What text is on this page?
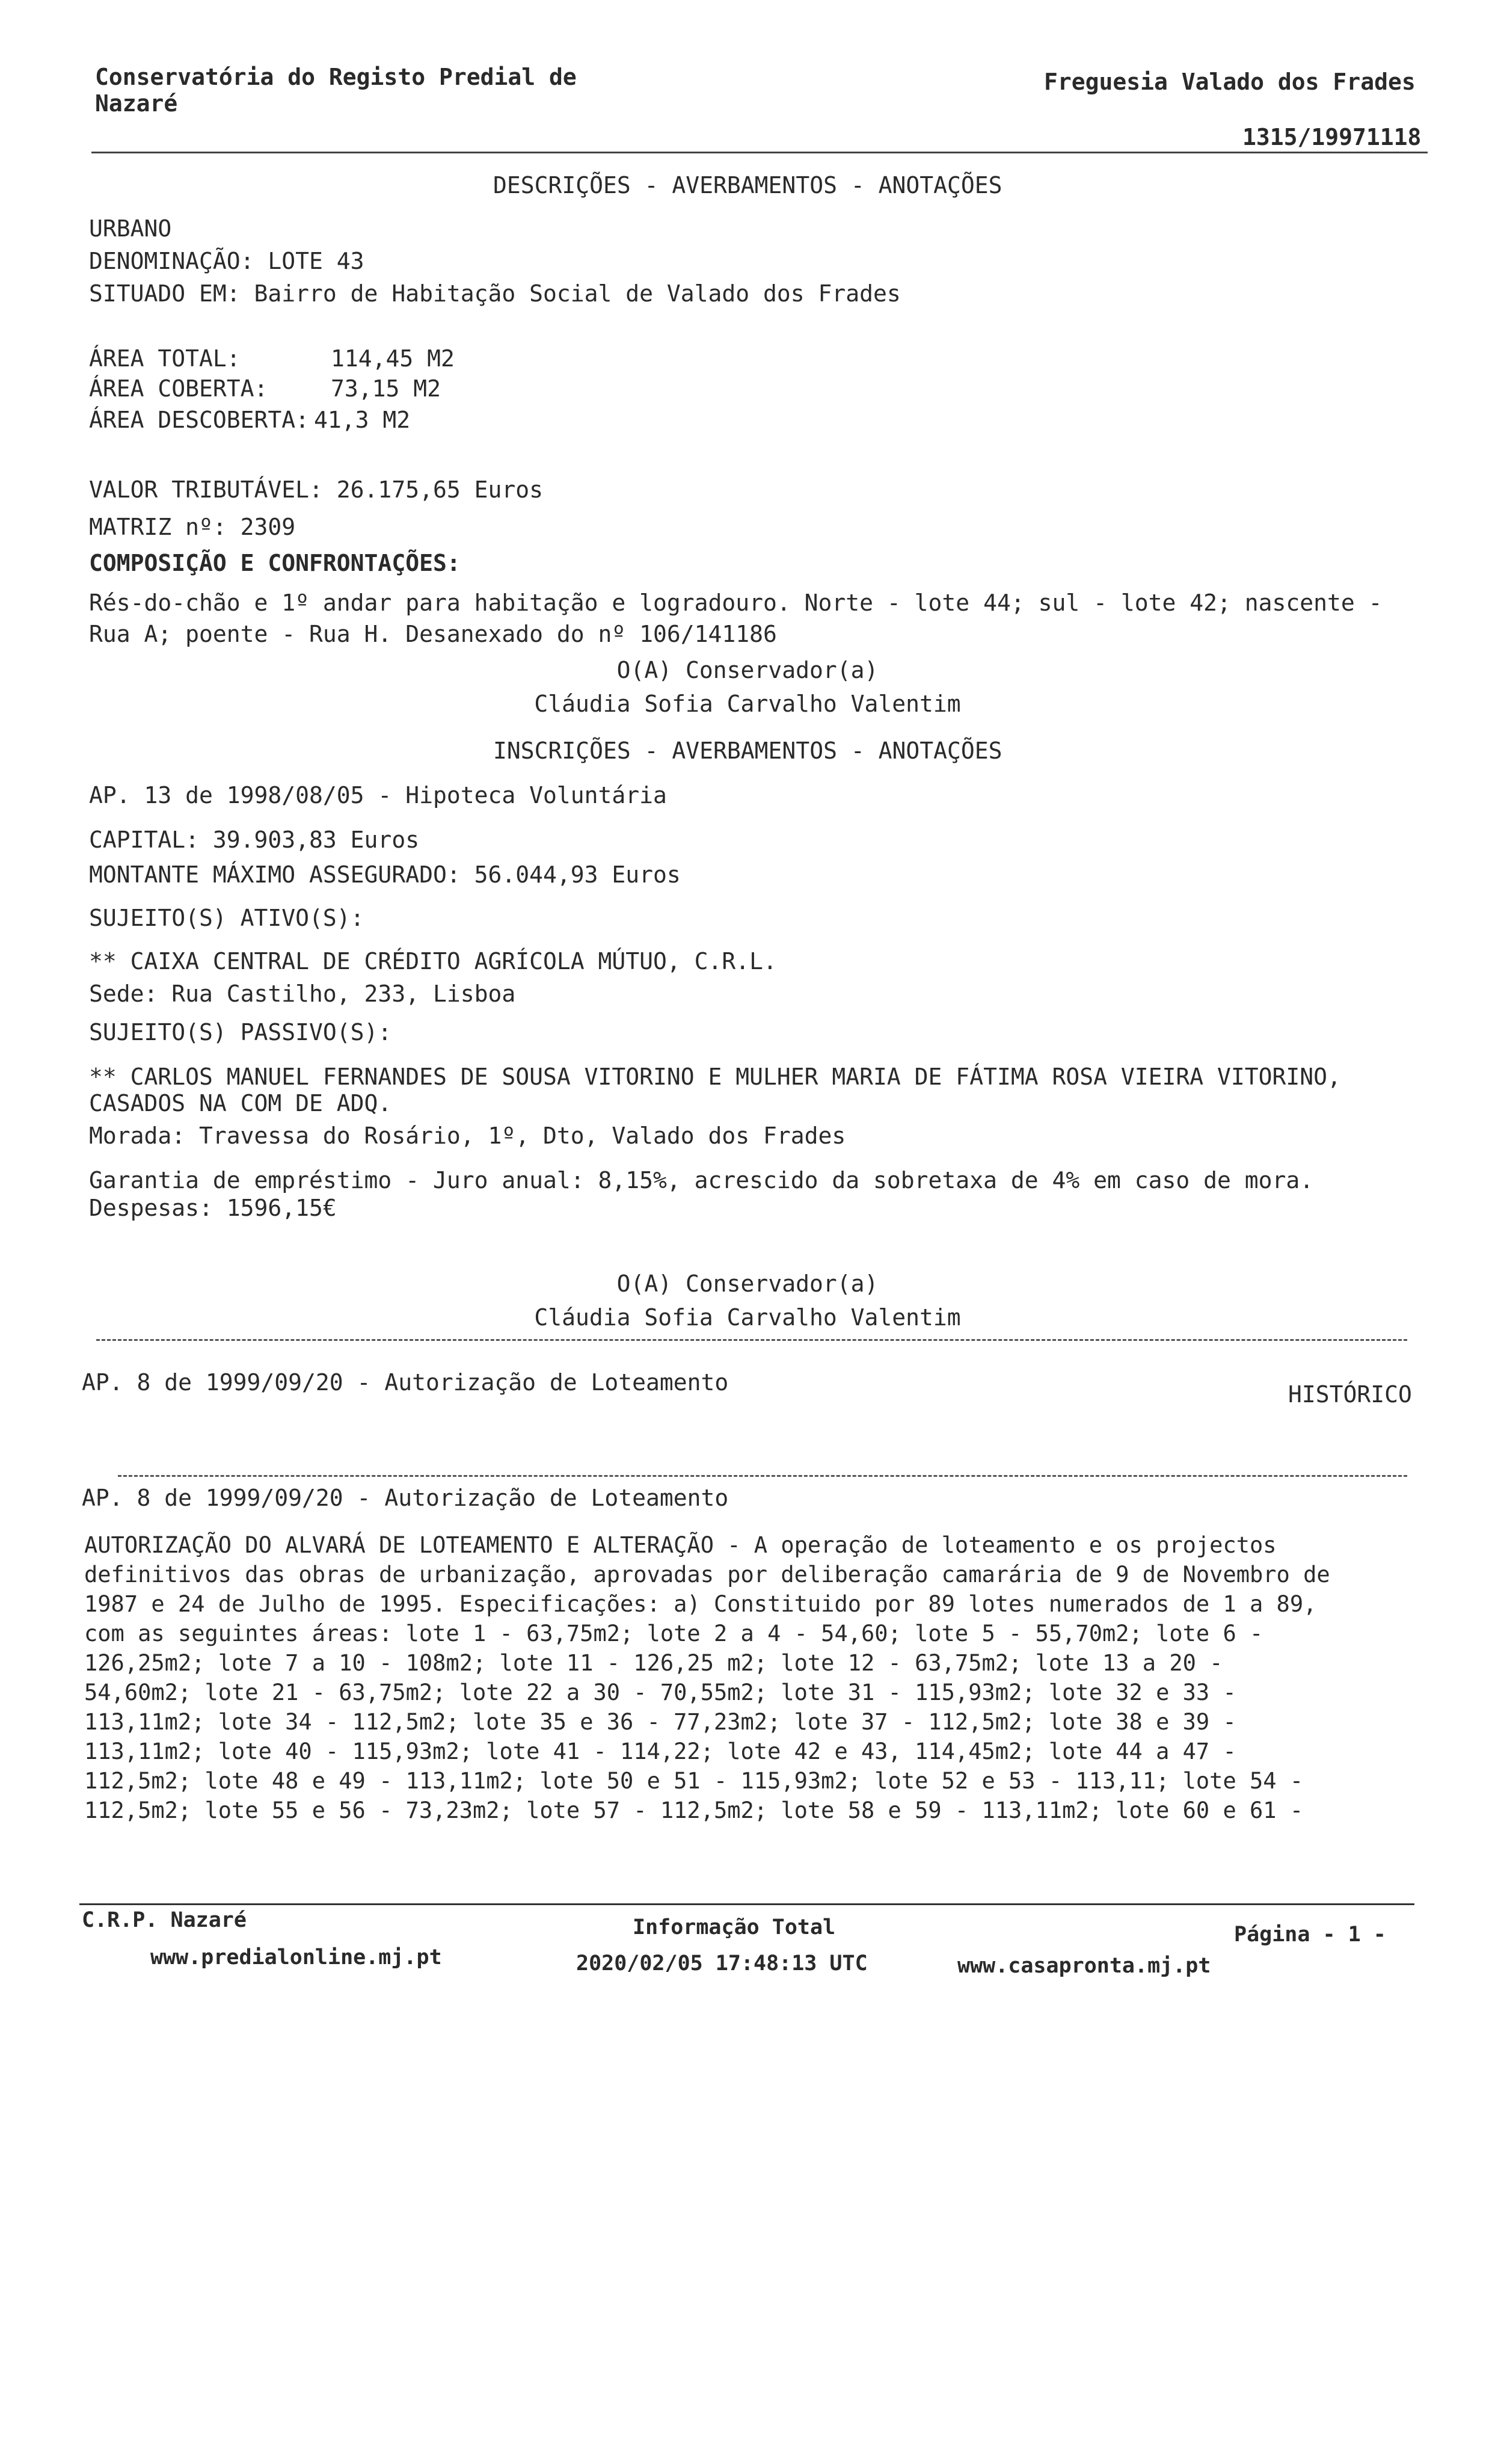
Conservatória do Registo Predial de
Nazaré
Freguesia Valado dos Frades
1315/19971118
DESCRIÇÕES - AVERBAMENTOS - ANOTAÇÕES
URBANO
DENOMINAÇÃO: LOTE 43
SITUADO EM: Bairro de Habitação Social de Valado dos Frades
ÁREA TOTAL:	114,45 M2
ÁREA COBERTA:	73,15 M2
ÁREA DESCOBERTA: 41,3 M2
VALOR TRIBUTÁVEL: 26.175,65 Euros
MATRIZ nº: 2309
COMPOSIÇÃO E CONFRONTAÇÕES:
Rés-do-chão e 1º andar para habitação e logradouro. Norte - lote 44; sul - lote 42; nascente -
Rua A; poente - Rua H. Desanexado do nº 106/141186
O(A) Conservador(a)
Cláudia Sofia Carvalho Valentim
INSCRIÇÕES - AVERBAMENTOS - ANOTAÇÕES
AP. 13 de 1998/08/05 - Hipoteca Voluntária
CAPITAL: 39.903,83 Euros
MONTANTE MÁXIMO ASSEGURADO: 56.044,93 Euros
SUJEITO(S) ATIVO(S):
** CAIXA CENTRAL DE CRÉDITO AGRÍCOLA MÚTUO, C.R.L.
Sede: Rua Castilho, 233, Lisboa
SUJEITO(S) PASSIVO(S):
** CARLOS MANUEL FERNANDES DE SOUSA VITORINO E MULHER MARIA DE FÁTIMA ROSA VIEIRA VITORINO,
CASADOS NA COM DE ADQ.
Morada: Travessa do Rosário, 1º, Dto, Valado dos Frades
Garantia de empréstimo - Juro anual: 8,15%, acrescido da sobretaxa de 4% em caso de mora.
Despesas: 1596,15€
O(A) Conservador(a)
Cláudia Sofia Carvalho Valentim
AP. 8 de 1999/09/20 - Autorização de Loteamento	HISTÓRICO
AP. 8 de 1999/09/20 - Autorização de Loteamento
AUTORIZAÇÃO DO ALVARÁ DE LOTEAMENTO E ALTERAÇÃO - A operação de loteamento e os projectos
definitivos das obras de urbanização, aprovadas por deliberação camarária de 9 de Novembro de
1987 e 24 de Julho de 1995. Especificações: a) Constituido por 89 lotes numerados de 1 a 89,
com as seguintes áreas: lote 1 - 63,75m2; lote 2 a 4 - 54,60; lote 5 - 55,70m2; lote 6 -
126,25m2; lote 7 a 10 - 108m2; lote 11 - 126,25 m2; lote 12 - 63,75m2; lote 13 a 20 -
54,60m2; lote 21 - 63,75m2; lote 22 a 30 - 70,55m2; lote 31 - 115,93m2; lote 32 e 33 -
113,11m2; lote 34 - 112,5m2; lote 35 e 36 - 77,23m2; lote 37 - 112,5m2; lote 38 e 39 -
113,11m2; lote 40 - 115,93m2; lote 41 - 114,22; lote 42 e 43, 114,45m2; lote 44 a 47 -
112,5m2; lote 48 e 49 - 113,11m2; lote 50 e 51 - 115,93m2; lote 52 e 53 - 113,11; lote 54 -
112,5m2; lote 55 e 56 - 73,23m2; lote 57 - 112,5m2; lote 58 e 59 - 113,11m2; lote 60 e 61 -
C.R.P. Nazaré
www.predialonline.mj.pt
Informação Total
2020/02/05 17:48:13 UTC
Página - 1 -
www.casapronta.mj.pt
